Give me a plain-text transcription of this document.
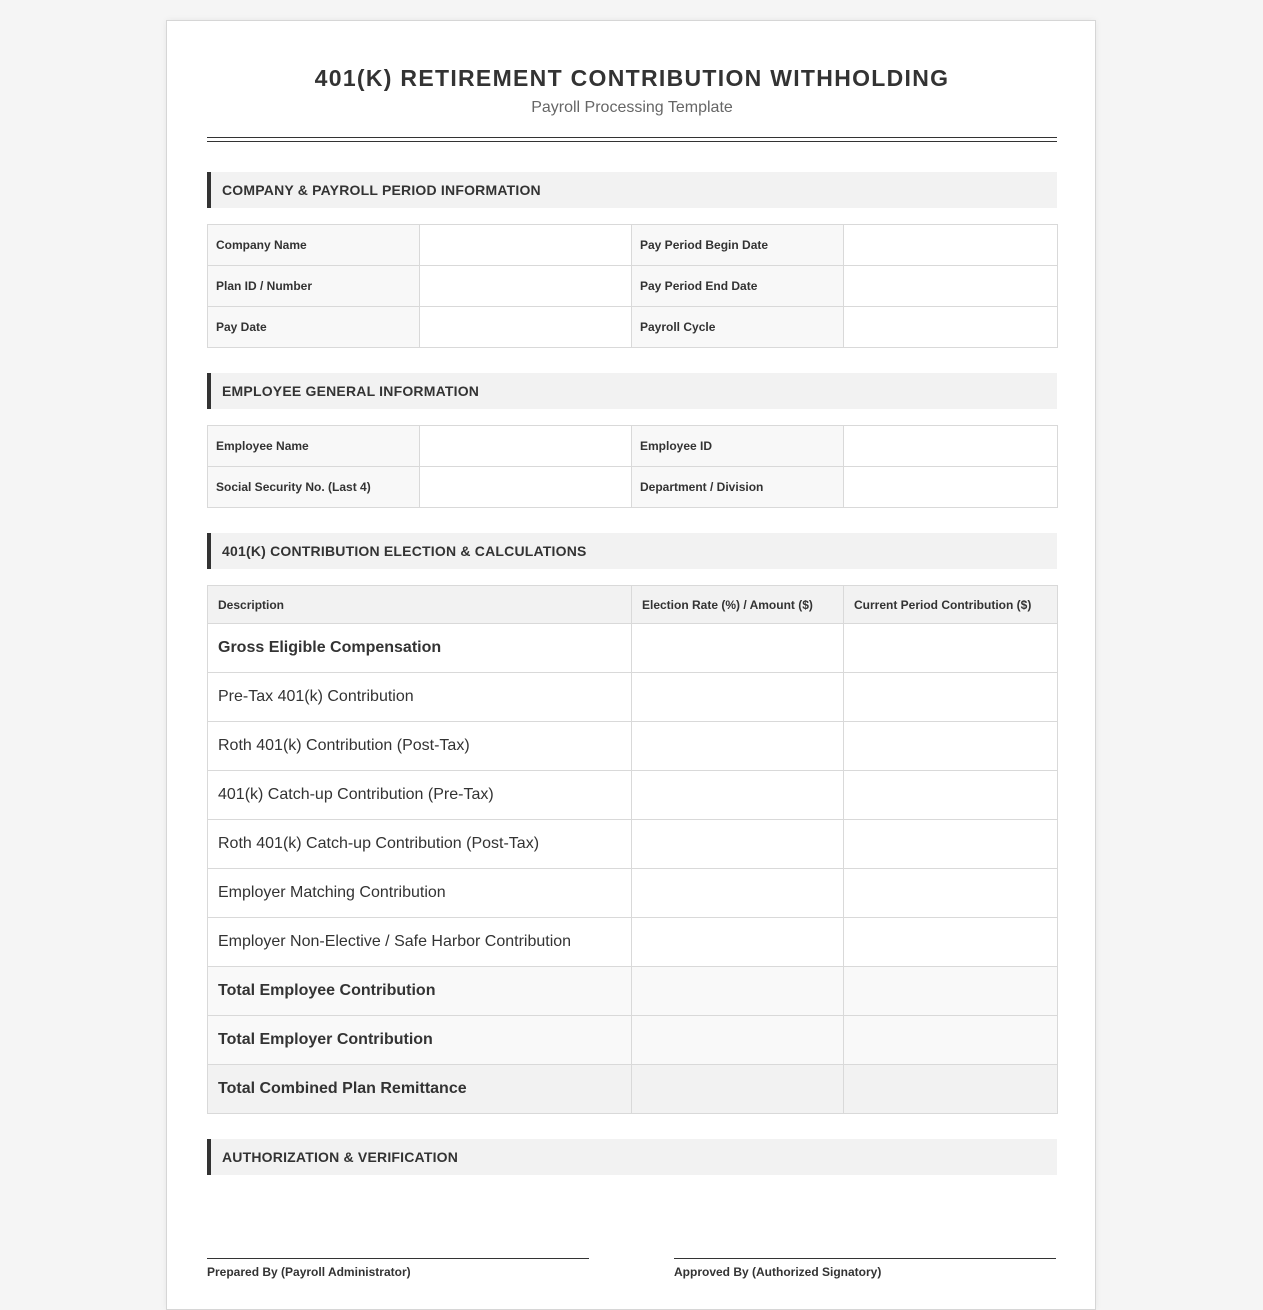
401(K) RETIREMENT CONTRIBUTION WITHHOLDING
Payroll Processing Template
COMPANY & PAYROLL PERIOD INFORMATION
Company Name		Pay Period Begin Date	
Plan ID / Number		Pay Period End Date	
Pay Date		Payroll Cycle	
EMPLOYEE GENERAL INFORMATION
Employee Name		Employee ID	
Social Security No. (Last 4)		Department / Division	
401(K) CONTRIBUTION ELECTION & CALCULATIONS
Description	Election Rate (%) / Amount ($)	Current Period Contribution ($)
Gross Eligible Compensation		
Pre-Tax 401(k) Contribution		
Roth 401(k) Contribution (Post-Tax)		
401(k) Catch-up Contribution (Pre-Tax)		
Roth 401(k) Catch-up Contribution (Post-Tax)		
Employer Matching Contribution		
Employer Non-Elective / Safe Harbor Contribution		
Total Employee Contribution		
Total Employer Contribution		
Total Combined Plan Remittance		
AUTHORIZATION & VERIFICATION
Prepared By (Payroll Administrator)	Approved By (Authorized Signatory)
